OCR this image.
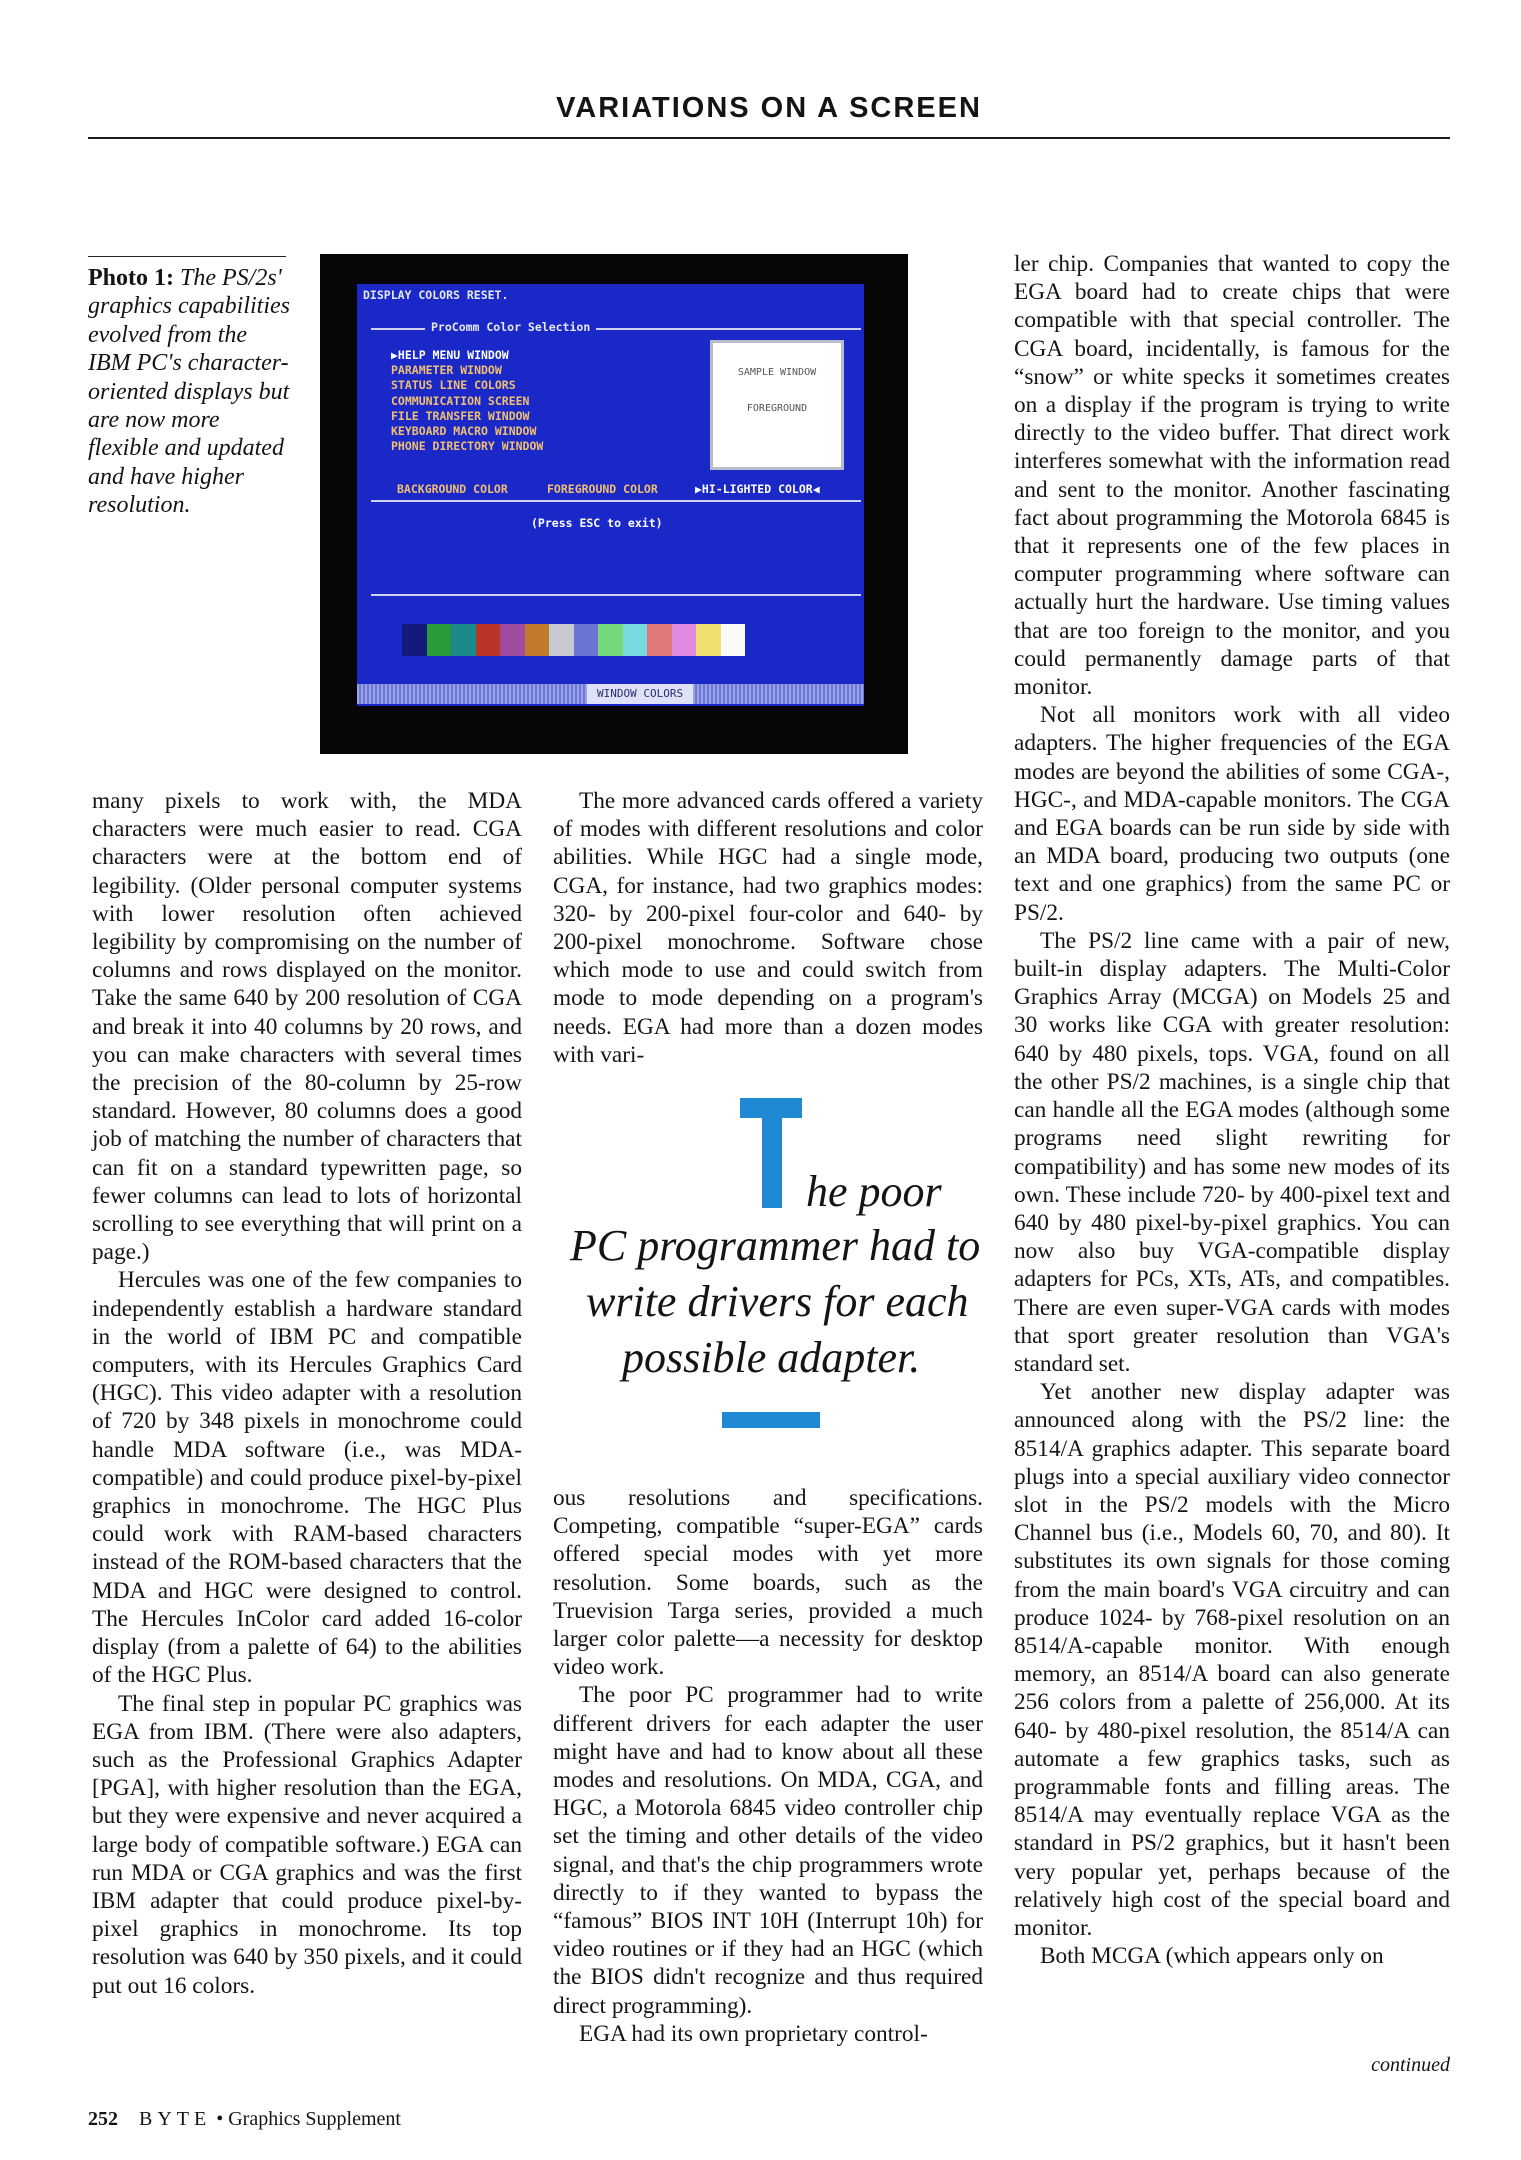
VARIATIONS ON A SCREEN
Photo 1: The PS/2s' graphics capabilities evolved from the IBM PC's character-oriented displays but are now more flexible and updated and have higher resolution.
DISPLAY COLORS RESET.
ProComm Color Selection
▶HELP MENU WINDOW
PARAMETER WINDOW
STATUS LINE COLORS
COMMUNICATION SCREEN
FILE TRANSFER WINDOW
KEYBOARD MACRO WINDOW
PHONE DIRECTORY WINDOW
SAMPLE WINDOW
FOREGROUND
BACKGROUND COLOR	FOREGROUND COLOR	▶HI-LIGHTED COLOR◀
(Press ESC to exit)
WINDOW COLORS

many pixels to work with, the MDA characters were much easier to read. CGA characters were at the bottom end of legibility. (Older personal computer systems with lower resolution often achieved legibility by compromising on the number of columns and rows displayed on the monitor. Take the same 640 by 200 resolution of CGA and break it into 40 columns by 20 rows, and you can make characters with several times the precision of the 80-column by 25-row standard. However, 80 columns does a good job of matching the number of characters that can fit on a standard typewritten page, so fewer columns can lead to lots of horizontal scrolling to see everything that will print on a page.)

Hercules was one of the few companies to independently establish a hardware standard in the world of IBM PC and compatible computers, with its Hercules Graphics Card (HGC). This video adapter with a resolution of 720 by 348 pixels in monochrome could handle MDA software (i.e., was MDA-compatible) and could produce pixel-by-pixel graphics in monochrome. The HGC Plus could work with RAM-based characters instead of the ROM-based characters that the MDA and HGC were designed to control. The Hercules InColor card added 16-color display (from a palette of 64) to the abilities of the HGC Plus.

The final step in popular PC graphics was EGA from IBM. (There were also adapters, such as the Professional Graphics Adapter [PGA], with higher resolution than the EGA, but they were expensive and never acquired a large body of compatible software.) EGA can run MDA or CGA graphics and was the first IBM adapter that could produce pixel-by-pixel graphics in monochrome. Its top resolution was 640 by 350 pixels, and it could put out 16 colors.

The more advanced cards offered a variety of modes with different resolutions and color abilities. While HGC had a single mode, CGA, for instance, had two graphics modes: 320- by 200-pixel four-color and 640- by 200-pixel monochrome. Software chose which mode to use and could switch from mode to mode depending on a program's needs. EGA had more than a dozen modes with vari-

he poor
PC programmer had to
write drivers for each
possible adapter.

ous resolutions and specifications. Competing, compatible “super-EGA” cards offered special modes with yet more resolution. Some boards, such as the Truevision Targa series, provided a much larger color palette—a necessity for desktop video work.

The poor PC programmer had to write different drivers for each adapter the user might have and had to know about all these modes and resolutions. On MDA, CGA, and HGC, a Motorola 6845 video controller chip set the timing and other details of the video signal, and that's the chip programmers wrote directly to if they wanted to bypass the “famous” BIOS INT 10H (Interrupt 10h) for video routines or if they had an HGC (which the BIOS didn't recognize and thus required direct programming).

EGA had its own proprietary control-

ler chip. Companies that wanted to copy the EGA board had to create chips that were compatible with that special controller. The CGA board, incidentally, is famous for the “snow” or white specks it sometimes creates on a display if the program is trying to write directly to the video buffer. That direct work interferes somewhat with the information read and sent to the monitor. Another fascinating fact about programming the Motorola 6845 is that it represents one of the few places in computer programming where software can actually hurt the hardware. Use timing values that are too foreign to the monitor, and you could permanently damage parts of that monitor.

Not all monitors work with all video adapters. The higher frequencies of the EGA modes are beyond the abilities of some CGA-, HGC-, and MDA-capable monitors. The CGA and EGA boards can be run side by side with an MDA board, producing two outputs (one text and one graphics) from the same PC or PS/2.

The PS/2 line came with a pair of new, built-in display adapters. The Multi-Color Graphics Array (MCGA) on Models 25 and 30 works like CGA with greater resolution: 640 by 480 pixels, tops. VGA, found on all the other PS/2 machines, is a single chip that can handle all the EGA modes (although some programs need slight rewriting for compatibility) and has some new modes of its own. These include 720- by 400-pixel text and 640 by 480 pixel-by-pixel graphics. You can now also buy VGA-compatible display adapters for PCs, XTs, ATs, and compatibles. There are even super-VGA cards with modes that sport greater resolution than VGA's standard set.

Yet another new display adapter was announced along with the PS/2 line: the 8514/A graphics adapter. This separate board plugs into a special auxiliary video connector slot in the PS/2 models with the Micro Channel bus (i.e., Models 60, 70, and 80). It substitutes its own signals for those coming from the main board's VGA circuitry and can produce 1024- by 768-pixel resolution on an 8514/A-capable monitor. With enough memory, an 8514/A board can also generate 256 colors from a palette of 256,000. At its 640- by 480-pixel resolution, the 8514/A can automate a few graphics tasks, such as programmable fonts and filling areas. The 8514/A may eventually replace VGA as the standard in PS/2 graphics, but it hasn't been very popular yet, perhaps because of the relatively high cost of the special board and monitor.

Both MCGA (which appears only on

continued
252 BYTE • Graphics Supplement
